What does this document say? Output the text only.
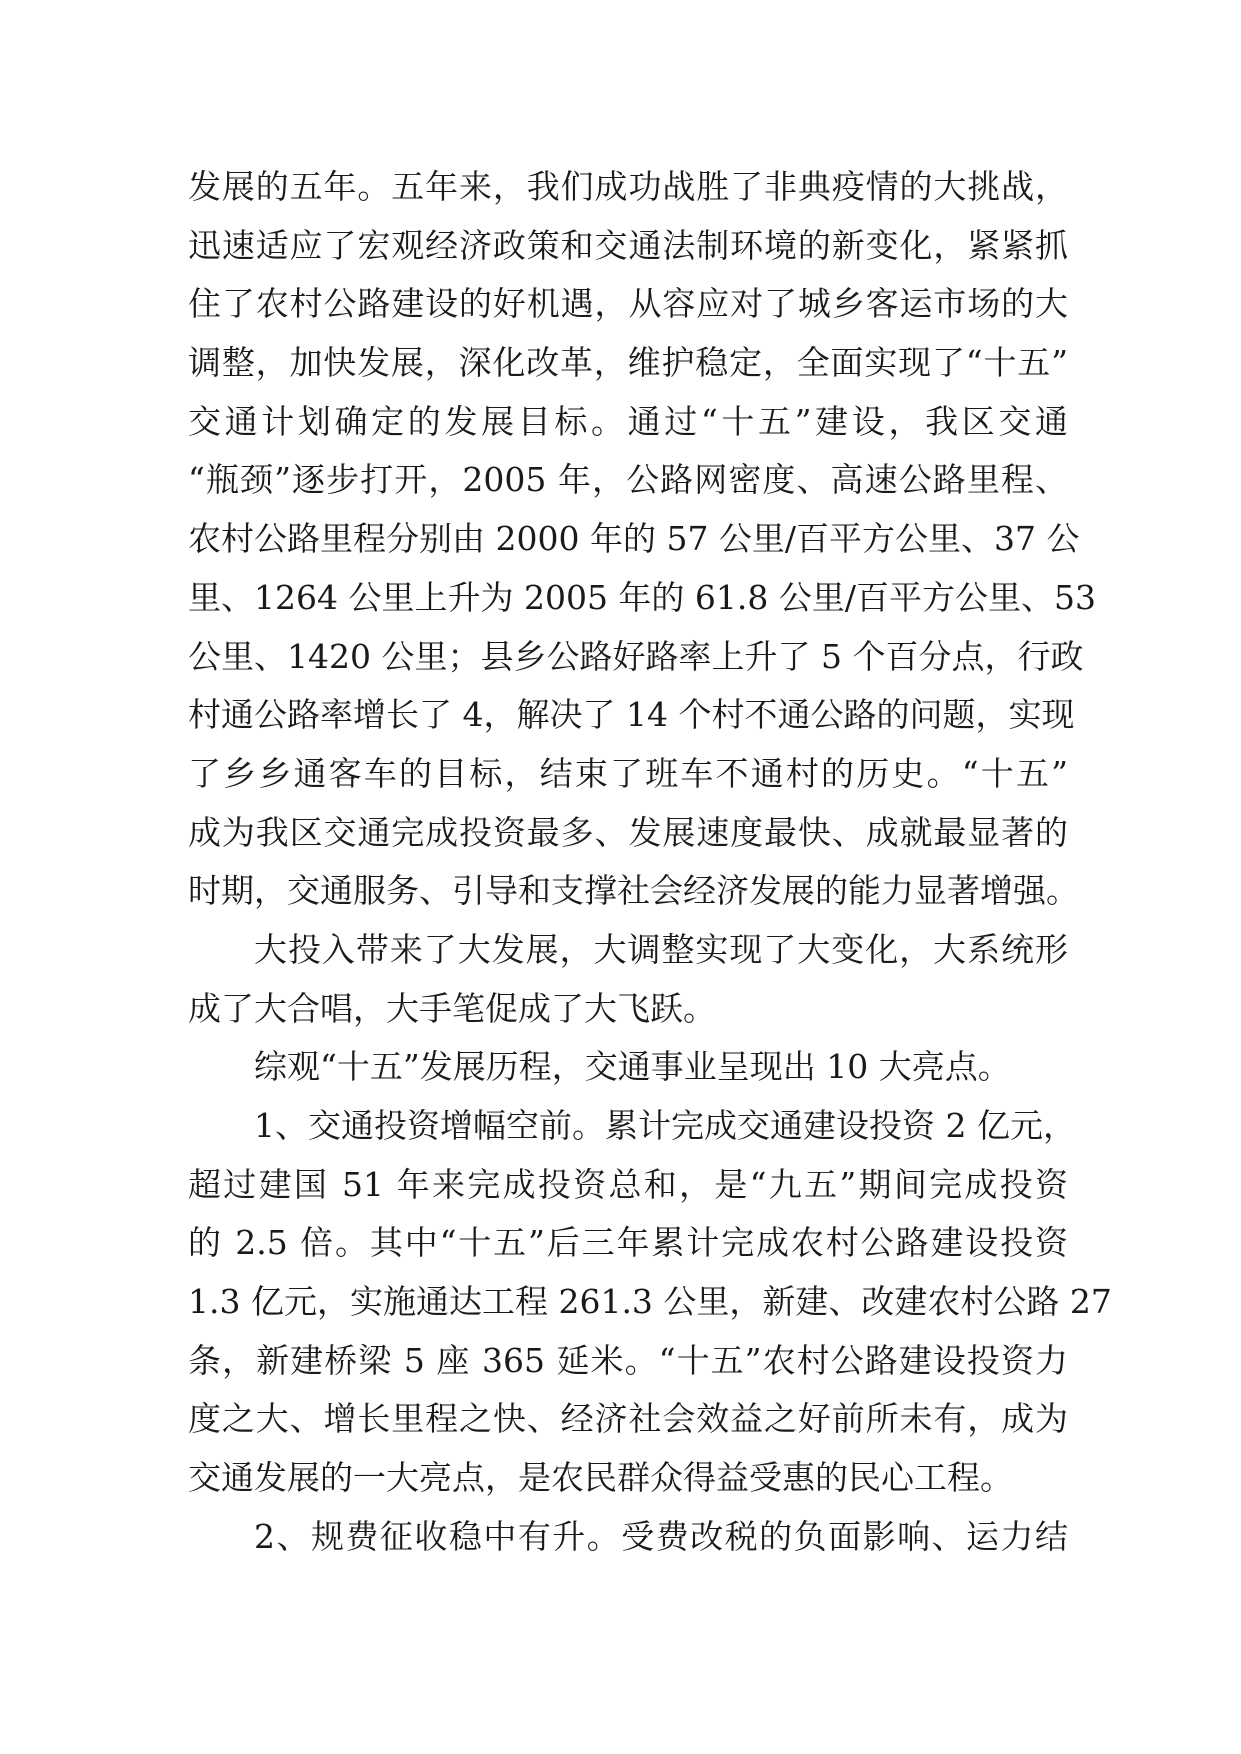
发展的五年。五年来，我们成功战胜了非典疫情的大挑战，
迅速适应了宏观经济政策和交通法制环境的新变化，紧紧抓
住了农村公路建设的好机遇，从容应对了城乡客运市场的大
调整，加快发展，深化改革，维护稳定，全面实现了“十五”
交通计划确定的发展目标。通过“十五”建设，我区交通
“瓶颈”逐步打开，2005 年，公路网密度、高速公路里程、
农村公路里程分别由 2000 年的 57 公里/百平方公里、37 公
里、1264 公里上升为 2005 年的 61.8 公里/百平方公里、53
公里、1420 公里；县乡公路好路率上升了 5 个百分点，行政
村通公路率增长了 4，解决了 14 个村不通公路的问题，实现
了乡乡通客车的目标，结束了班车不通村的历史。“十五”
成为我区交通完成投资最多、发展速度最快、成就最显著的
时期，交通服务、引导和支撑社会经济发展的能力显著增强。
大投入带来了大发展，大调整实现了大变化，大系统形
成了大合唱，大手笔促成了大飞跃。
综观“十五”发展历程，交通事业呈现出 10 大亮点。
1、交通投资增幅空前。累计完成交通建设投资 2 亿元，
超过建国 51 年来完成投资总和，是“九五”期间完成投资
的 2.5 倍。其中“十五”后三年累计完成农村公路建设投资
1.3 亿元，实施通达工程 261.3 公里，新建、改建农村公路 27
条，新建桥梁 5 座 365 延米。“十五”农村公路建设投资力
度之大、增长里程之快、经济社会效益之好前所未有，成为
交通发展的一大亮点，是农民群众得益受惠的民心工程。
2、规费征收稳中有升。受费改税的负面影响、运力结
